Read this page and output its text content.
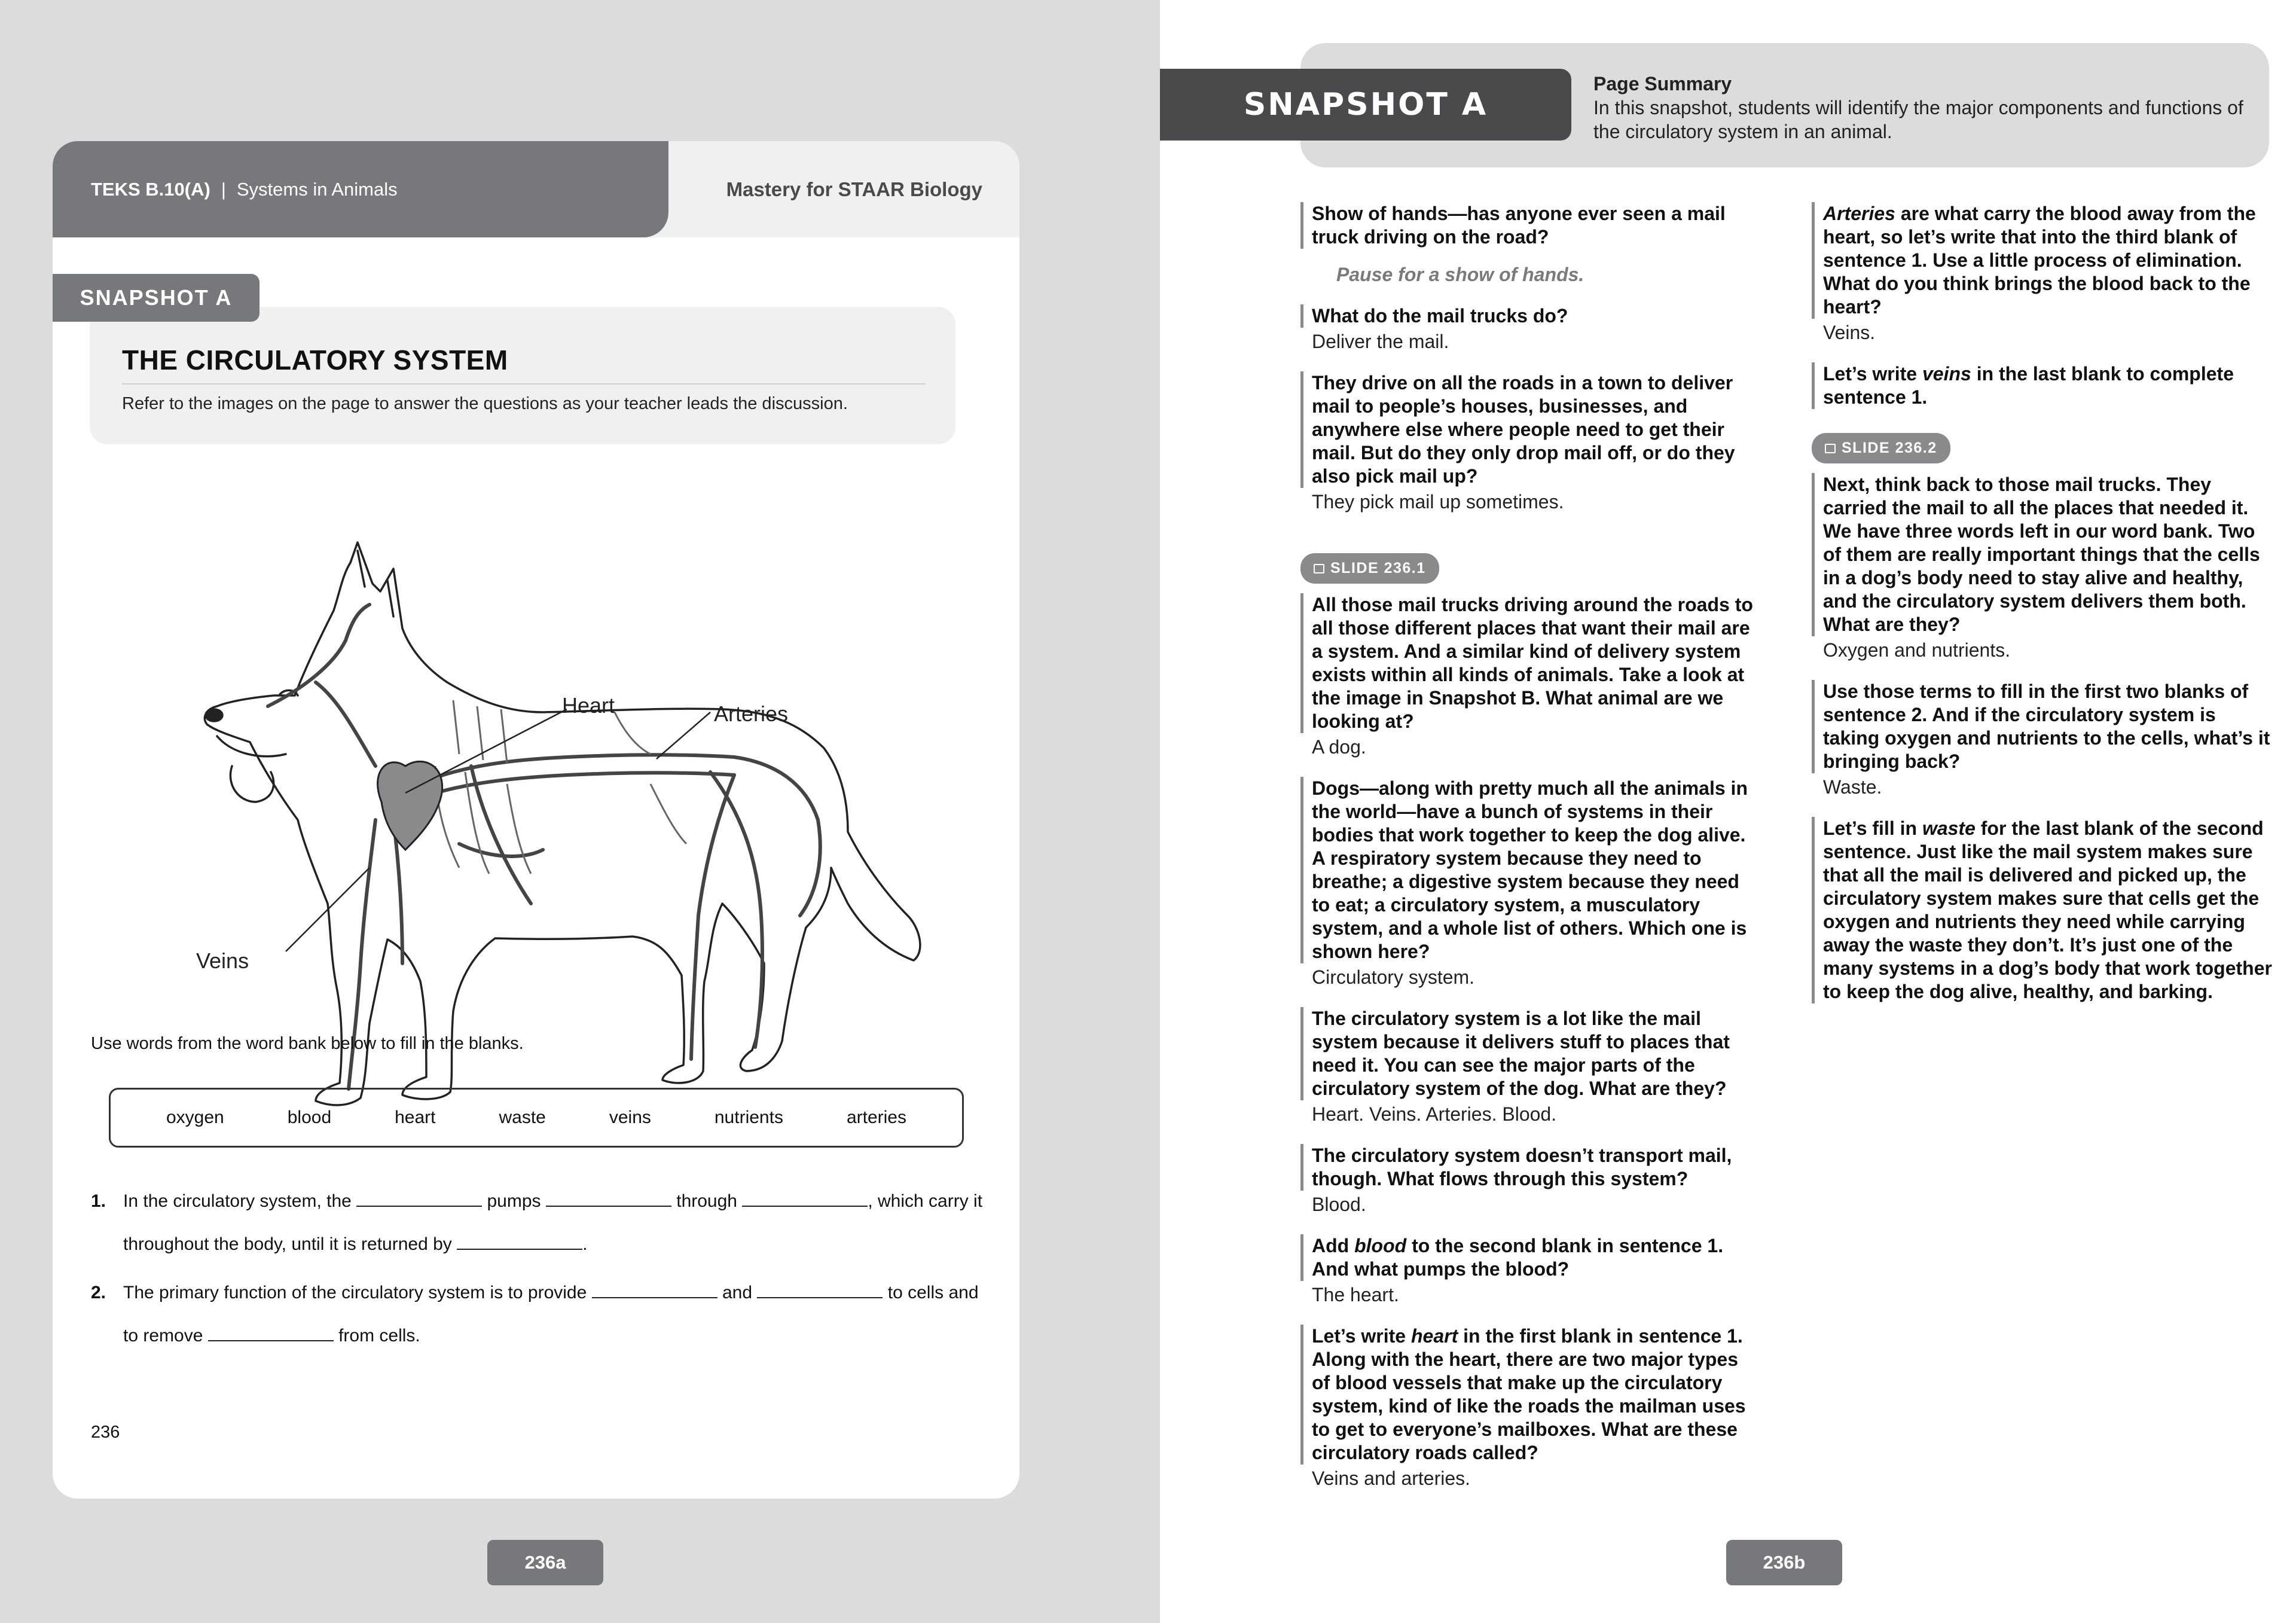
TEKS B.10(A) | Systems in Animals	Mastery for STAAR Biology
THE CIRCULATORY SYSTEM
Refer to the images on the page to answer the questions as your teacher leads the discussion.
SNAPSHOT A
Heart	Arteries
Veins
Use words from the word bank below to fill in the blanks.
oxygen	blood	heart	waste	veins	nutrients	arteries
1. In the circulatory system, the	pumps	through	, which carry it
throughout the body, until it is returned by	.
2. The primary function of the circulatory system is to provide	and	to cells and
to remove	from cells.
236
236a
SNAPSHOT A
Page Summary
In this snapshot, students will identify the major components and functions of the circulatory system in an animal.
Show of hands—has anyone ever seen a mail truck driving on the road?
Pause for a show of hands.
What do the mail trucks do?
Deliver the mail.
They drive on all the roads in a town to deliver mail to people’s houses, businesses, and anywhere else where people need to get their mail. But do they only drop mail off, or do they also pick mail up?
They pick mail up sometimes.
SLIDE 236.1
All those mail trucks driving around the roads to all those different places that want their mail are a system. And a similar kind of delivery system exists within all kinds of animals. Take a look at the image in Snapshot B. What animal are we looking at?
A dog.
Dogs—along with pretty much all the animals in the world—have a bunch of systems in their bodies that work together to keep the dog alive. A respiratory system because they need to breathe; a digestive system because they need to eat; a circulatory system, a musculatory system, and a whole list of others. Which one is shown here?
Circulatory system.
The circulatory system is a lot like the mail system because it delivers stuff to places that need it. You can see the major parts of the circulatory system of the dog. What are they?
Heart. Veins. Arteries. Blood.
The circulatory system doesn’t transport mail, though. What flows through this system?
Blood.
Add blood to the second blank in sentence 1. And what pumps the blood?
The heart.
Let’s write heart in the first blank in sentence 1. Along with the heart, there are two major types of blood vessels that make up the circulatory system, kind of like the roads the mailman uses to get to everyone’s mailboxes. What are these circulatory roads called?
Veins and arteries.
Arteries are what carry the blood away from the heart, so let’s write that into the third blank of sentence 1. Use a little process of elimination. What do you think brings the blood back to the heart?
Veins.
Let’s write veins in the last blank to complete sentence 1.
SLIDE 236.2
Next, think back to those mail trucks. They carried the mail to all the places that needed it. We have three words left in our word bank. Two of them are really important things that the cells in a dog’s body need to stay alive and healthy, and the circulatory system delivers them both. What are they?
Oxygen and nutrients.
Use those terms to fill in the first two blanks of sentence 2. And if the circulatory system is taking oxygen and nutrients to the cells, what’s it bringing back?
Waste.
Let’s fill in waste for the last blank of the second sentence. Just like the mail system makes sure that all the mail is delivered and picked up, the circulatory system makes sure that cells get the oxygen and nutrients they need while carrying away the waste they don’t. It’s just one of the many systems in a dog’s body that work together to keep the dog alive, healthy, and barking.
236b
